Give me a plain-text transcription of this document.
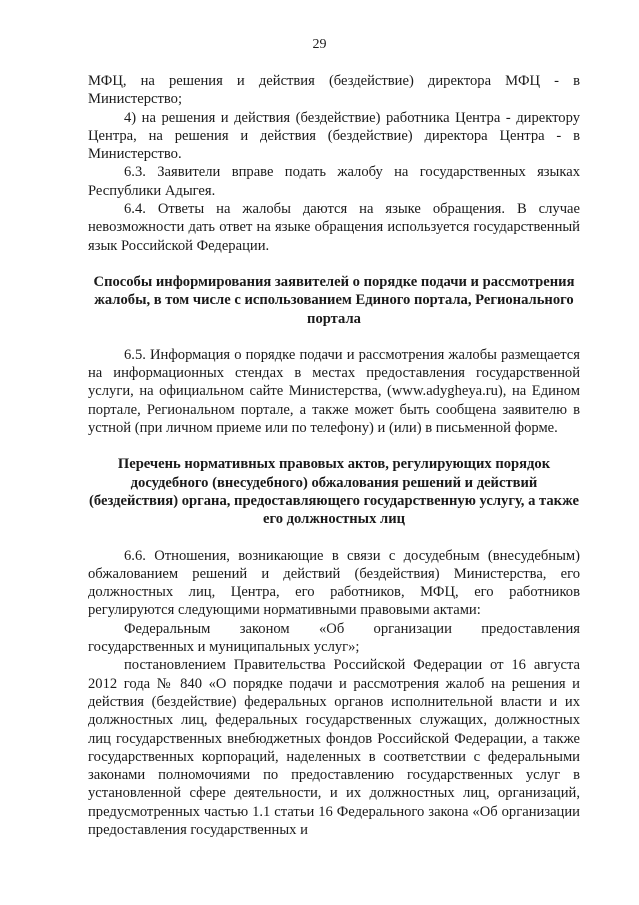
29

МФЦ, на решения и действия (бездействие) директора МФЦ - в Министерство;

4) на решения и действия (бездействие) работника Центра - директору Центра, на решения и действия (бездействие) директора Центра - в Министерство.

6.3. Заявители вправе подать жалобу на государственных языках Республики Адыгея.

6.4. Ответы на жалобы даются на языке обращения. В случае невозможности дать ответ на языке обращения используется государственный язык Российской Федерации.

Способы информирования заявителей о порядке подачи и рассмотрения жалобы, в том числе с использованием Единого портала, Регионального портала

6.5. Информация о порядке подачи и рассмотрения жалобы размещается на информационных стендах в местах предоставления государственной услуги, на официальном сайте Министерства, (www.adygheya.ru), на Едином портале, Региональном портале, а также может быть сообщена заявителю в устной (при личном приеме или по телефону) и (или) в письменной форме.

Перечень нормативных правовых актов, регулирующих порядок досудебного (внесудебного) обжалования решений и действий (бездействия) органа, предоставляющего государственную услугу, а также его должностных лиц

6.6. Отношения, возникающие в связи с досудебным (внесудебным) обжалованием решений и действий (бездействия) Министерства, его должностных лиц, Центра, его работников, МФЦ, его работников регулируются следующими нормативными правовыми актами:

Федеральным законом «Об организации предоставления государственных и муниципальных услуг»;

постановлением Правительства Российской Федерации от 16 августа 2012 года № 840 «О порядке подачи и рассмотрения жалоб на решения и действия (бездействие) федеральных органов исполнительной власти и их должностных лиц, федеральных государственных служащих, должностных лиц государственных внебюджетных фондов Российской Федерации, а также государственных корпораций, наделенных в соответствии с федеральными законами полномочиями по предоставлению государственных услуг в установленной сфере деятельности, и их должностных лиц, организаций, предусмотренных частью 1.1 статьи 16 Федерального закона «Об организации предоставления государственных и
